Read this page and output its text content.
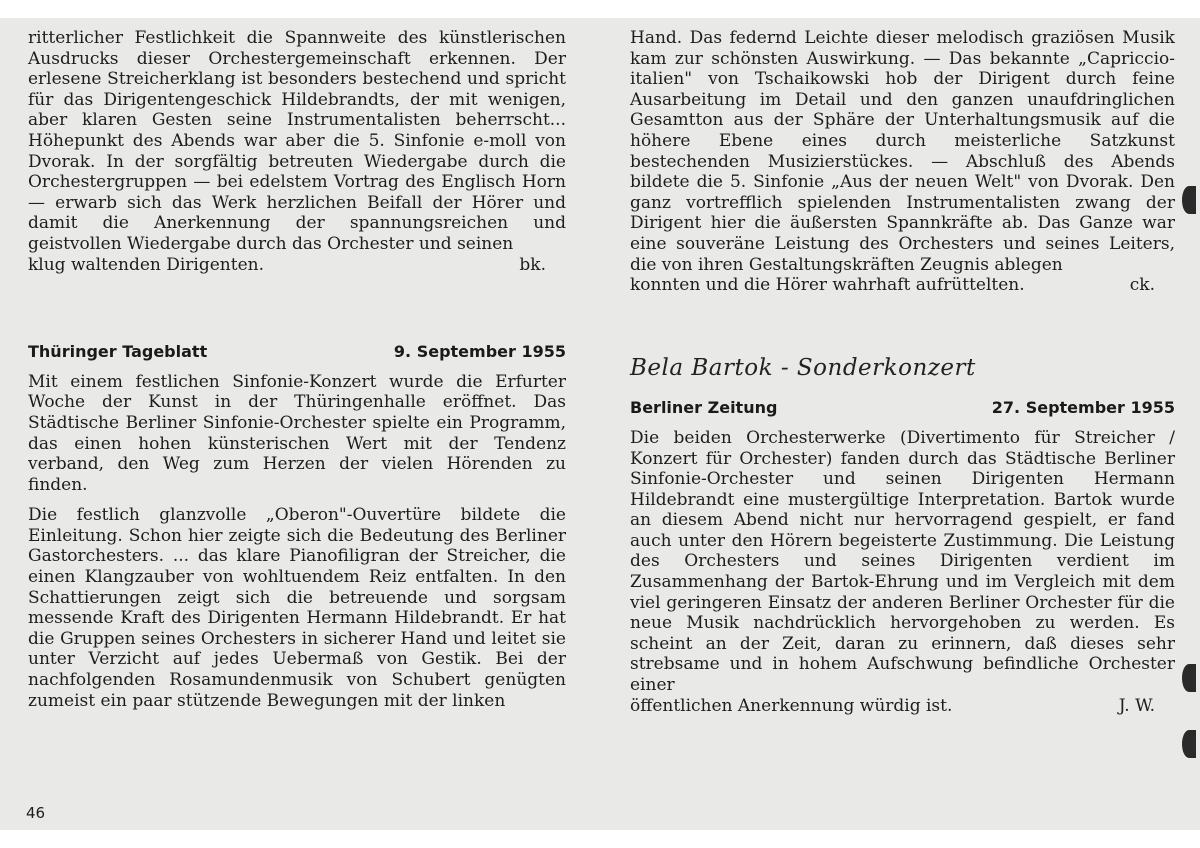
ritterlicher Festlichkeit die Spannweite des künstlerischen Ausdrucks dieser Orchestergemeinschaft erkennen. Der erlesene Streicherklang ist besonders bestechend und spricht für das Dirigentengeschick Hildebrandts, der mit wenigen, aber klaren Gesten seine Instrumentalisten beherrscht... Höhepunkt des Abends war aber die 5. Sinfonie e-moll von Dvorak. In der sorgfältig betreuten Wiedergabe durch die Orchestergruppen — bei edelstem Vortrag des Englisch Horn — erwarb sich das Werk herzlichen Beifall der Hörer und damit die Anerkennung der spannungsreichen und geistvollen Wiedergabe durch das Orchester und seinen

klug waltenden Dirigenten.	bk.
Thüringer Tageblatt	9. September 1955

Mit einem festlichen Sinfonie-Konzert wurde die Erfurter Woche der Kunst in der Thüringenhalle eröffnet. Das Städtische Berliner Sinfonie-Orchester spielte ein Programm, das einen hohen künsterischen Wert mit der Tendenz verband, den Weg zum Herzen der vielen Hörenden zu finden.

Die festlich glanzvolle „Oberon"-Ouvertüre bildete die Einleitung. Schon hier zeigte sich die Bedeutung des Berliner Gastorchesters. ... das klare Pianofiligran der Streicher, die einen Klangzauber von wohltuendem Reiz entfalten. In den Schattierungen zeigt sich die betreuende und sorgsam messende Kraft des Dirigenten Hermann Hildebrandt. Er hat die Gruppen seines Orchesters in sicherer Hand und leitet sie unter Verzicht auf jedes Uebermaß von Gestik. Bei der nachfolgenden Rosamundenmusik von Schubert genügten zumeist ein paar stützende Bewegungen mit der linken

Hand. Das federnd Leichte dieser melodisch graziösen Musik kam zur schönsten Auswirkung. — Das bekannte „Capriccio-italien" von Tschaikowski hob der Dirigent durch feine Ausarbeitung im Detail und den ganzen unaufdringlichen Gesamtton aus der Sphäre der Unterhaltungsmusik auf die höhere Ebene eines durch meisterliche Satzkunst bestechenden Musizierstückes. — Abschluß des Abends bildete die 5. Sinfonie „Aus der neuen Welt" von Dvorak. Den ganz vortrefflich spielenden Instrumentalisten zwang der Dirigent hier die äußersten Spannkräfte ab. Das Ganze war eine souveräne Leistung des Orchesters und seines Leiters, die von ihren Gestaltungskräften Zeugnis ablegen

konnten und die Hörer wahrhaft aufrüttelten.	ck.
Bela Bartok - Sonderkonzert
Berliner Zeitung	27. September 1955

Die beiden Orchesterwerke (Divertimento für Streicher / Konzert für Orchester) fanden durch das Städtische Berliner Sinfonie-Orchester und seinen Dirigenten Hermann Hildebrandt eine mustergültige Interpretation. Bartok wurde an diesem Abend nicht nur hervorragend gespielt, er fand auch unter den Hörern begeisterte Zustimmung. Die Leistung des Orchesters und seines Dirigenten verdient im Zusammenhang der Bartok-Ehrung und im Vergleich mit dem viel geringeren Einsatz der anderen Berliner Orchester für die neue Musik nachdrücklich hervorgehoben zu werden. Es scheint an der Zeit, daran zu erinnern, daß dieses sehr strebsame und in hohem Aufschwung befindliche Orchester einer

öffentlichen Anerkennung würdig ist.	J. W.
46
